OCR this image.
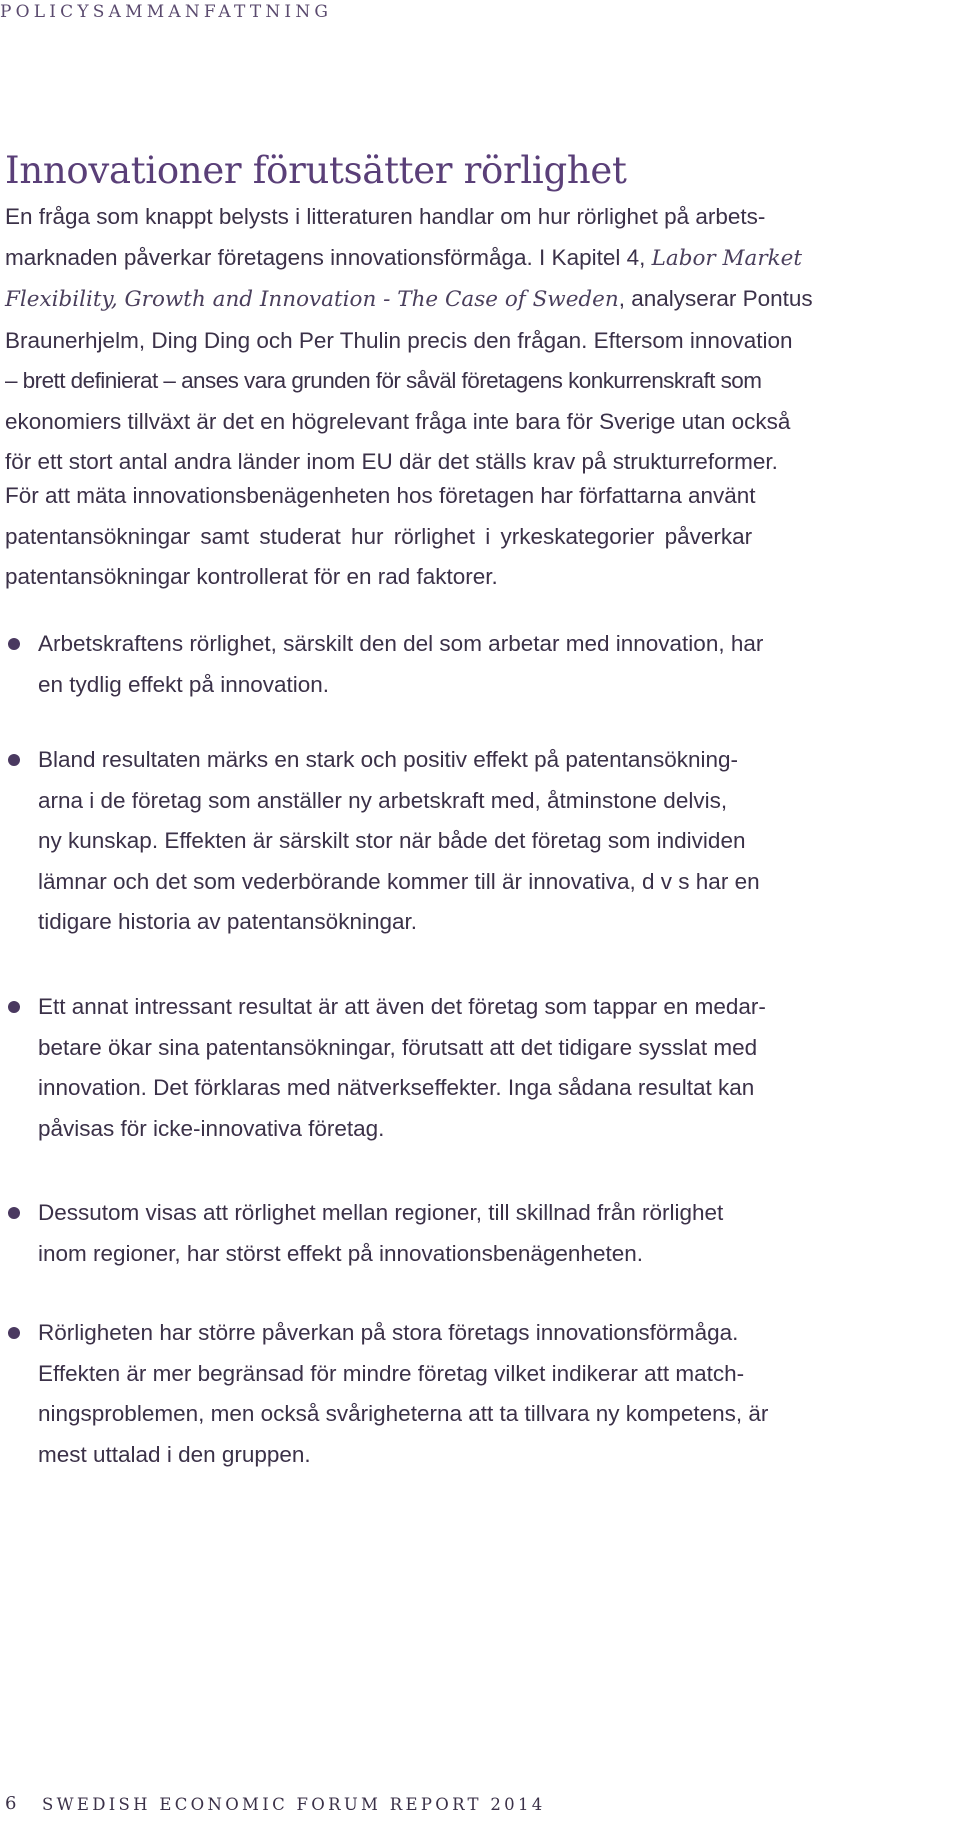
POLICYSAMMANFATTNING
Innovationer förutsätter rörlighet
En fråga som knappt belysts i litteraturen handlar om hur rörlighet på arbets-
marknaden påverkar företagens innovationsförmåga. I Kapitel 4, Labor Market
Flexibility, Growth and Innovation - The Case of Sweden, analyserar Pontus
Braunerhjelm, Ding Ding och Per Thulin precis den frågan. Eftersom innovation
– brett definierat – anses vara grunden för såväl företagens konkurrenskraft som
ekonomiers tillväxt är det en högrelevant fråga inte bara för Sverige utan också
för ett stort antal andra länder inom EU där det ställs krav på strukturreformer.
För att mäta innovationsbenägenheten hos företagen har författarna använt
patentansökningar samt studerat hur rörlighet i yrkeskategorier påverkar
patentansökningar kontrollerat för en rad faktorer.
Arbetskraftens rörlighet, särskilt den del som arbetar med innovation, har
en tydlig effekt på innovation.
Bland resultaten märks en stark och positiv effekt på patentansökning-
arna i de företag som anställer ny arbetskraft med, åtminstone delvis,
ny kunskap. Effekten är särskilt stor när både det företag som individen
lämnar och det som vederbörande kommer till är innovativa, d v s har en
tidigare historia av patentansökningar.
Ett annat intressant resultat är att även det företag som tappar en medar-
betare ökar sina patentansökningar, förutsatt att det tidigare sysslat med
innovation. Det förklaras med nätverkseffekter. Inga sådana resultat kan
påvisas för icke-innovativa företag.
Dessutom visas att rörlighet mellan regioner, till skillnad från rörlighet
inom regioner, har störst effekt på innovationsbenägenheten.
Rörligheten har större påverkan på stora företags innovationsförmåga.
Effekten är mer begränsad för mindre företag vilket indikerar att match-
ningsproblemen, men också svårigheterna att ta tillvara ny kompetens, är
mest uttalad i den gruppen.
6 SWEDISH ECONOMIC FORUM REPORT 2014
